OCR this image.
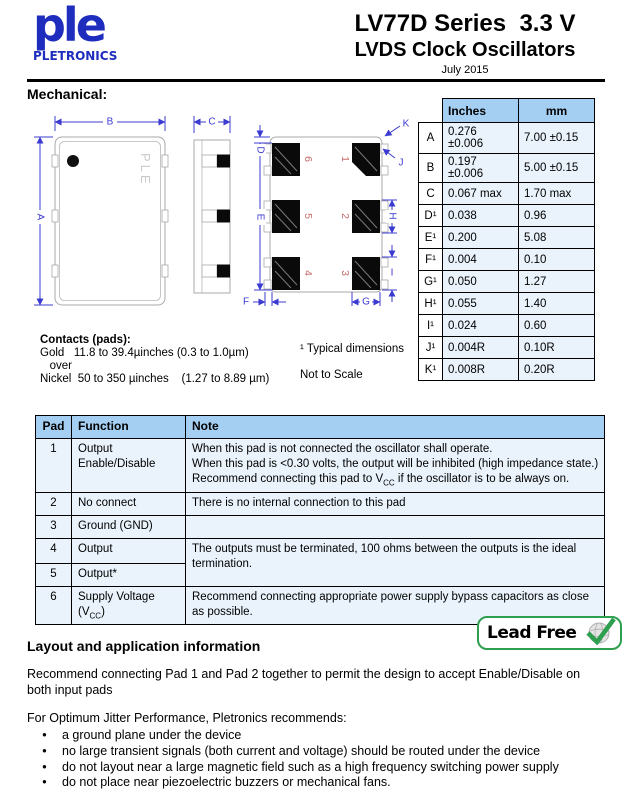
ple
PLETRONICS
LV77D Series  3.3 V
LVDS Clock Oscillators
July 2015
Mechanical:
B
A
PLE
C
6
5
4
1
2
3
D
E
F	G
H
I
J
K
	Inches	mm
A	0.276 ±0.006	7.00 ±0.15
B	0.197 ±0.006	5.00 ±0.15
C	0.067 max	1.70 max
D¹	0.038	0.96
E¹	0.200	5.08
F¹	0.004	0.10
G¹	0.050	1.27
H¹	0.055	1.40
I¹	0.024	0.60
J¹	0.004R	0.10R
K¹	0.008R	0.20R
Contacts (pads):
Gold   11.8 to 39.4µinches (0.3 to 1.0µm)
over
Nickel  50 to 350 µinches    (1.27 to 8.89 µm)
¹ Typical dimensions
Not to Scale
Pad	Function	Note
1	Output
Enable/Disable

When this pad is not connected the oscillator shall operate.
When this pad is <0.30 volts, the output will be inhibited (high impedance state.)
Recommend connecting this pad to $V_{CC}$ if the oscillator is to be always on.

2	No connect	There is no internal connection to this pad
3	Ground (GND)	
4	Output	The outputs must be terminated, 100 ohms between the outputs is the ideal termination.
5	Output*	
6	Supply Voltage
$(V_{CC})$	Recommend connecting appropriate power supply bypass capacitors as close as possible.
Lead Free
Layout and application information
Recommend connecting Pad 1 and Pad 2 together to permit the design to accept Enable/Disable on both input pads
For Optimum Jitter Performance, Pletronics recommends:
•	a ground plane under the device
•	no large transient signals (both current and voltage) should be routed under the device
•	do not layout near a large magnetic field such as a high frequency switching power supply
•	do not place near piezoelectric buzzers or mechanical fans.
